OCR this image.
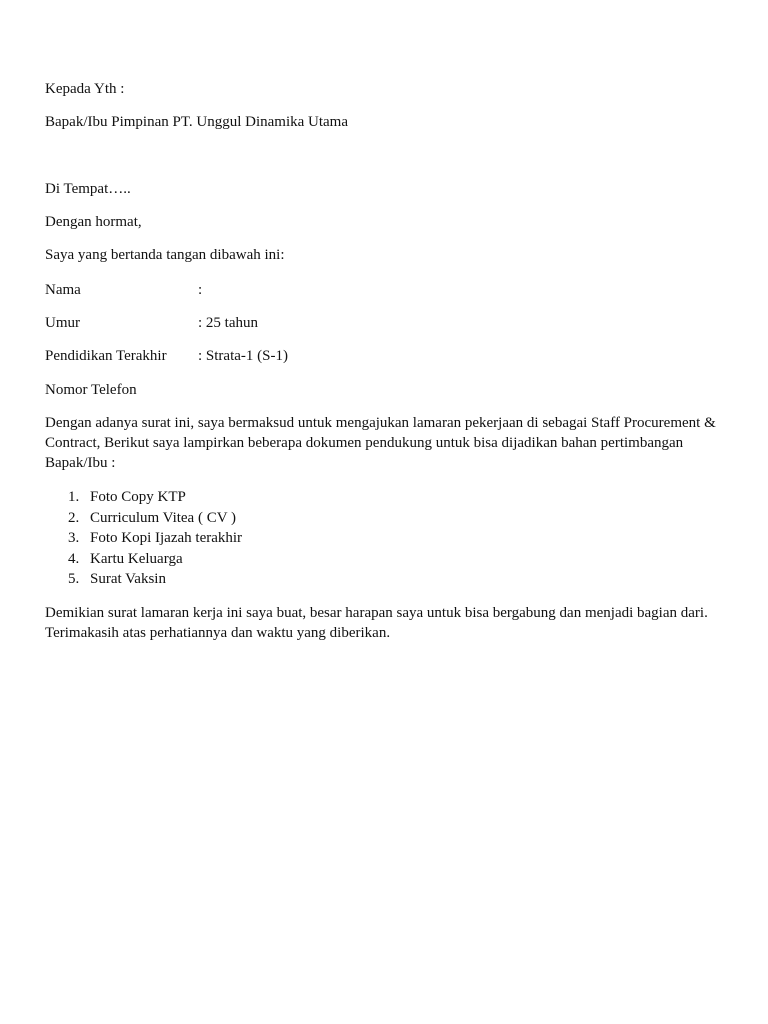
Kepada Yth :
Bapak/Ibu Pimpinan PT. Unggul Dinamika Utama
Di Tempat…..
Dengan hormat,
Saya yang bertanda tangan dibawah ini:
Nama	:
Umur	: 25 tahun
Pendidikan Terakhir : Strata-1 (S-1)
Nomor Telefon
Dengan adanya surat ini, saya bermaksud untuk mengajukan lamaran pekerjaan di sebagai Staff Procurement & Contract, Berikut saya lampirkan beberapa dokumen pendukung untuk bisa dijadikan bahan pertimbangan Bapak/Ibu :
1. Foto Copy KTP
2. Curriculum Vitea ( CV )
3. Foto Kopi Ijazah terakhir
4. Kartu Keluarga
5. Surat Vaksin
Demikian surat lamaran kerja ini saya buat, besar harapan saya untuk bisa bergabung dan menjadi bagian dari. Terimakasih atas perhatiannya dan waktu yang diberikan.
